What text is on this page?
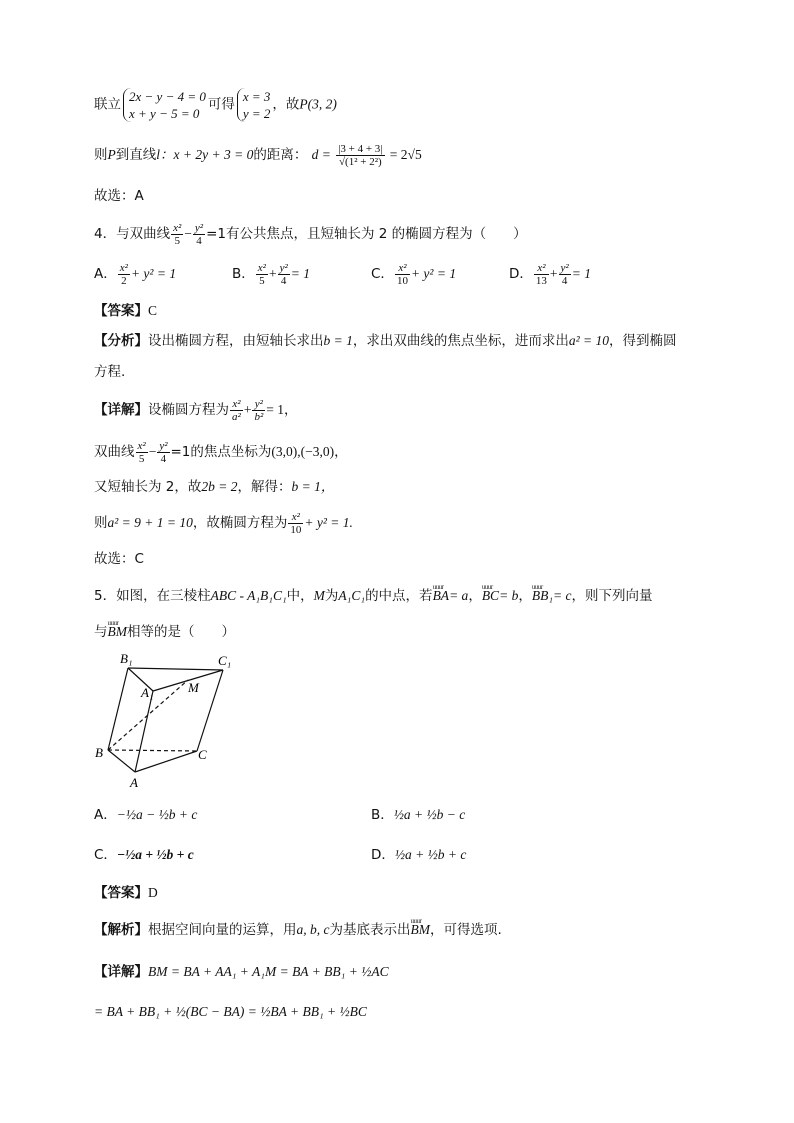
联立 2x − y − 4 = 0
x + y − 5 = 0
可得 x = 3
y = 2
，故P(3, 2)
则P到直线l：x + 2y + 3 = 0的距离： $d = \frac{|3 + 4 + 3|}{\text{√(1² + 2²)}} = 2√5$
故选：A
4．与双曲线 $\frac{\text{x²}}{5} - \frac{\text{y²}}{4} =1$有公共焦点，且短轴长为 2 的椭圆方程为（　　）
A． $\frac{\text{x²}}{2} + y^2 = 1$	B． $\frac{\text{x²}}{5} + \frac{\text{y²}}{4} = 1$	C． $\frac{\text{x²}}{10} + y^2 = 1$	D． $\frac{\text{x²}}{13} + \frac{\text{y²}}{4} = 1$
【答案】C
【分析】设出椭圆方程，由短轴长求出b = 1，求出双曲线的焦点坐标，进而求出a² = 10，得到椭圆
方程.
【详解】设椭圆方程为 $\frac{\text{x²}}{\text{a²}} + \frac{\text{y²}}{\text{b²}} = 1$，
双曲线 $\frac{\text{x²}}{5} - \frac{\text{y²}}{4} =1$的焦点坐标为(3,0),(−3,0)，
又短轴长为 2，故2b = 2，解得：b = 1，
则a² = 9 + 1 = 10，故椭圆方程为 $\frac{\text{x²}}{10} + y^2 = 1$.
故选：C
5．如图，在三棱柱ABC - A₁B₁C₁中，M为A₁C₁的中点，若uuur BA= a，uuur BC= b，uuur BB₁= c，则下列向量
与uuur BM相等的是（　　）
B₁	C₁
A₁	M
B	C
A
A．−½a − ½b + c	B．½a + ½b − c
C．−½a + ½b + c	D．½a + ½b + c
【答案】D
【解析】根据空间向量的运算，用a, b, c为基底表示出uuur BM，可得选项.
【详解】BM = BA + AA₁ + A₁M = BA + BB₁ + ½AC
= BA + BB₁ + ½(BC − BA) = ½BA + BB₁ + ½BC
